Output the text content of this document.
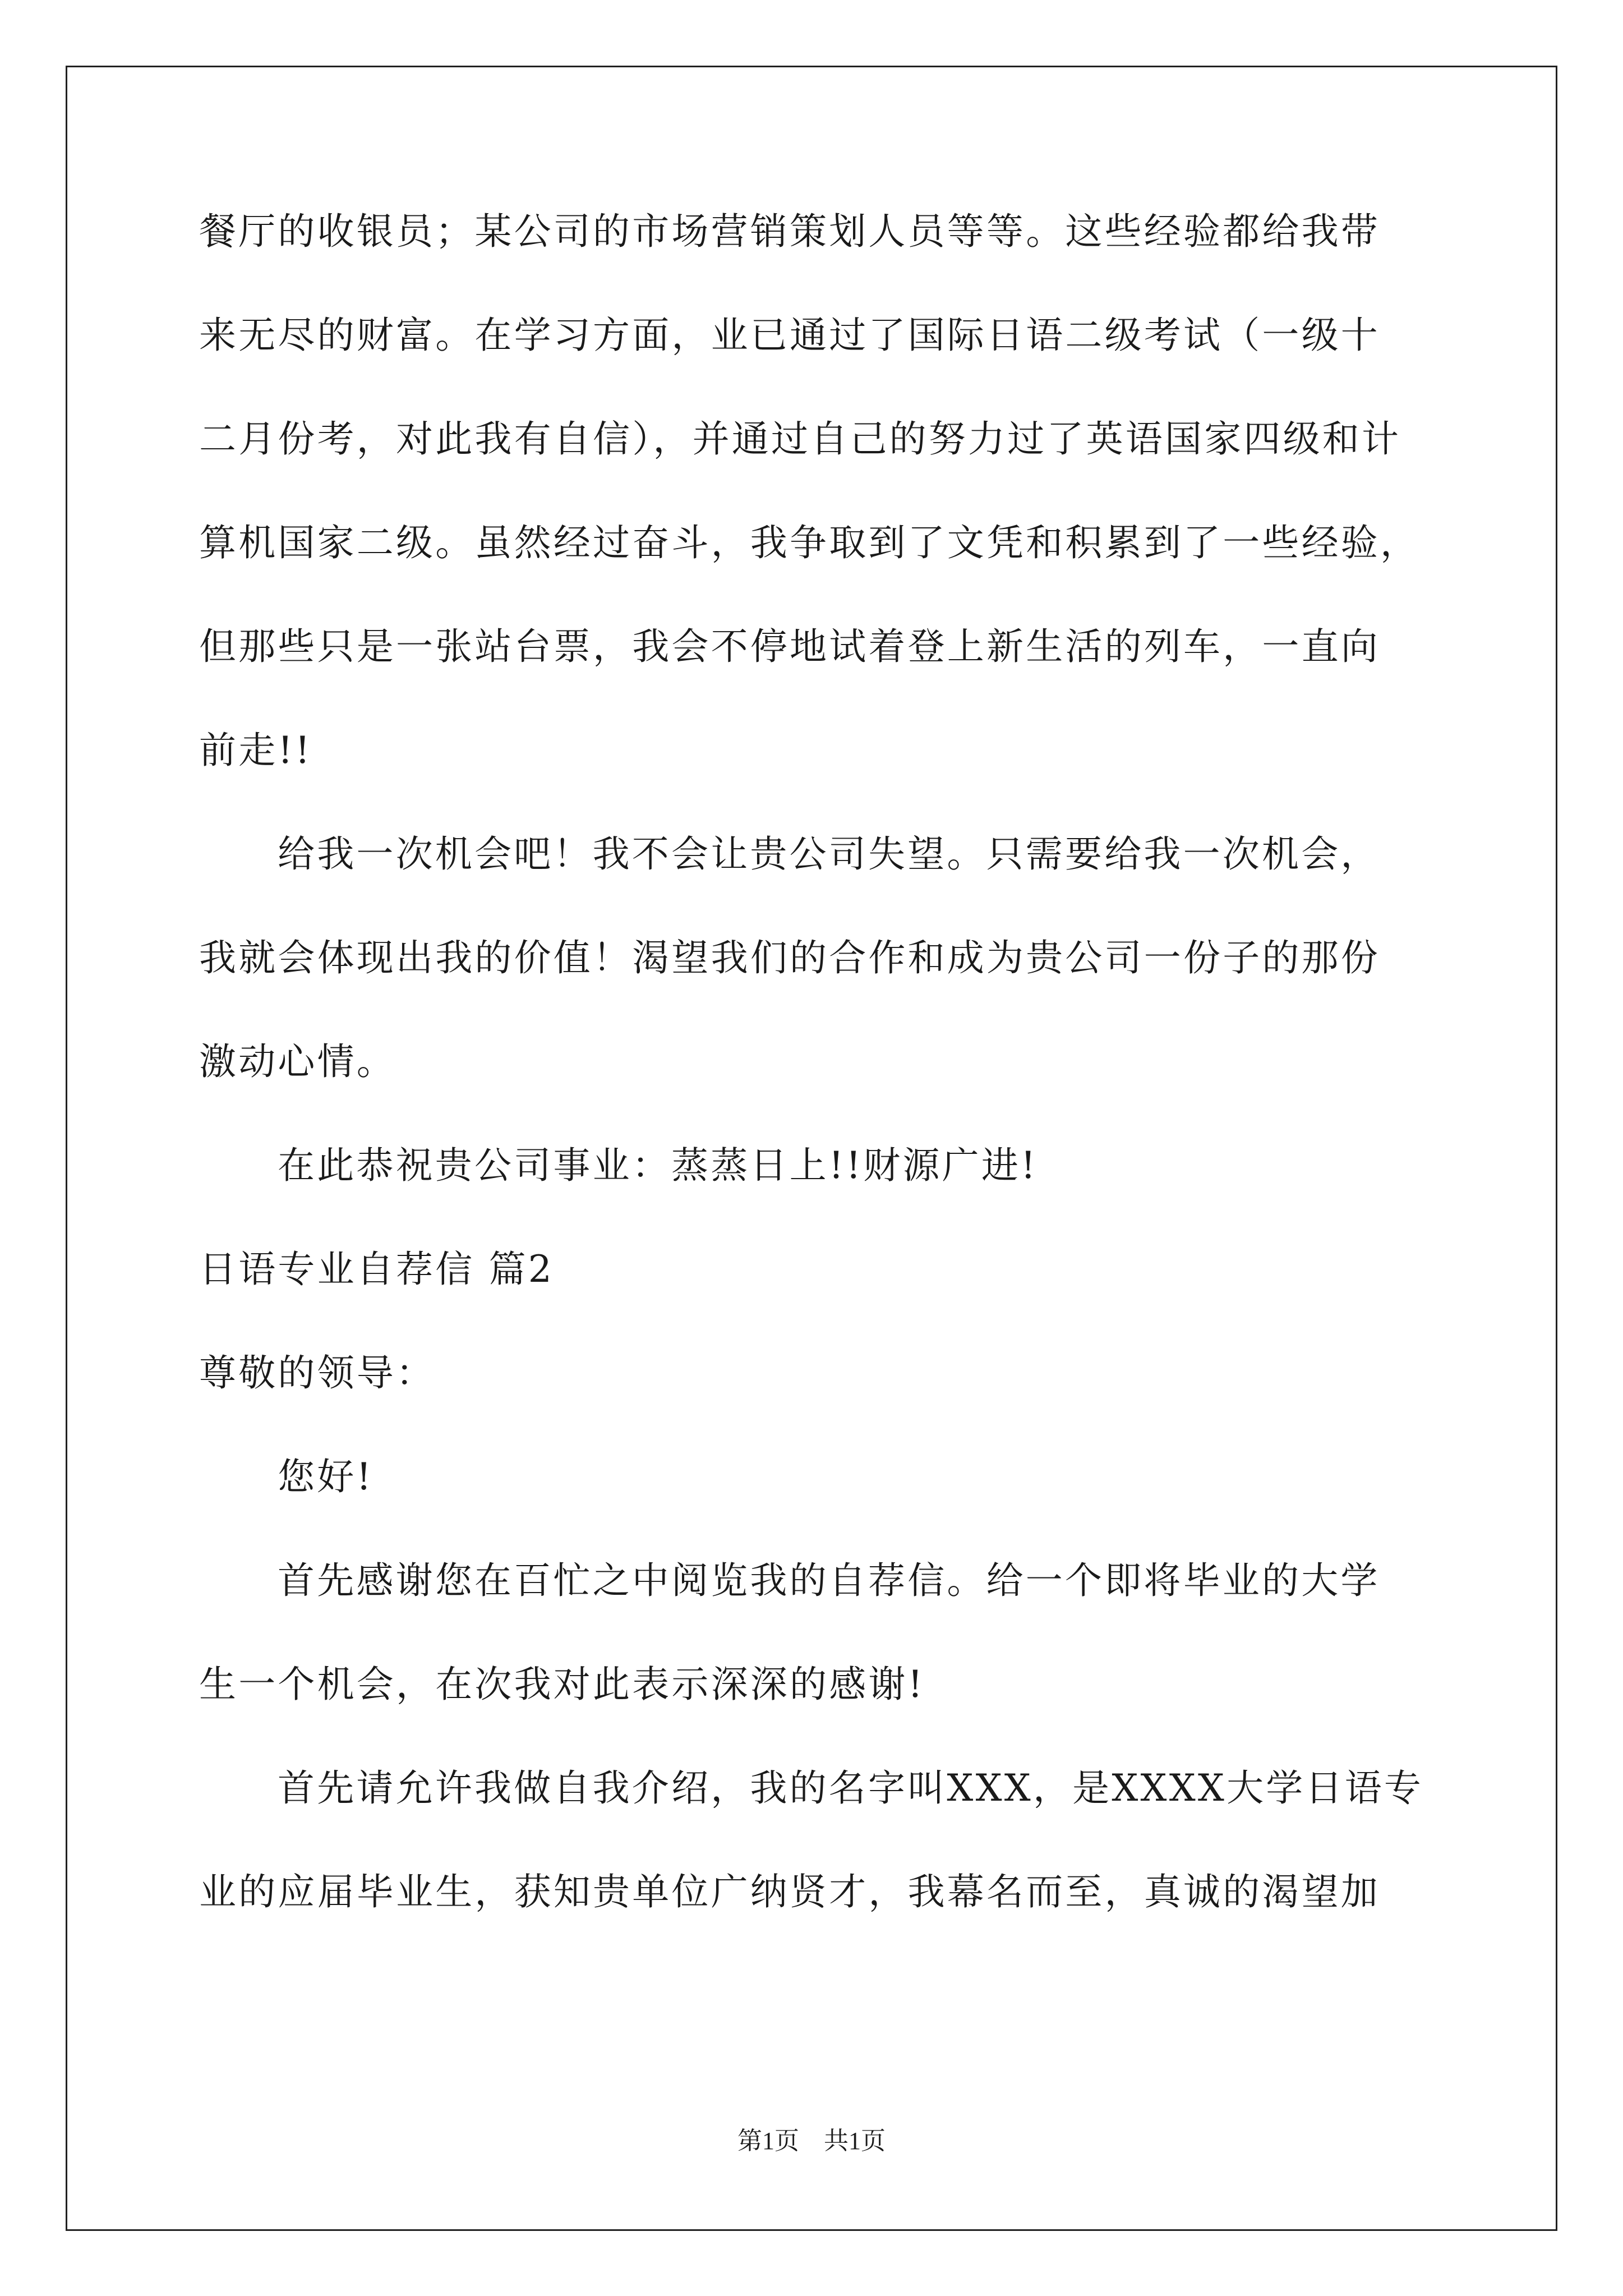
餐厅的收银员；某公司的市场营销策划人员等等。这些经验都给我带
来无尽的财富。在学习方面，业已通过了国际日语二级考试（一级十
二月份考，对此我有自信），并通过自己的努力过了英语国家四级和计
算机国家二级。虽然经过奋斗，我争取到了文凭和积累到了一些经验，
但那些只是一张站台票，我会不停地试着登上新生活的列车，一直向
前走!!
给我一次机会吧！我不会让贵公司失望。只需要给我一次机会，
我就会体现出我的价值！渴望我们的合作和成为贵公司一份子的那份
激动心情。
在此恭祝贵公司事业：蒸蒸日上!!财源广进!
日语专业自荐信 篇2
尊敬的领导：
您好!
首先感谢您在百忙之中阅览我的自荐信。给一个即将毕业的大学
生一个机会，在次我对此表示深深的感谢!
首先请允许我做自我介绍，我的名字叫XXX，是XXXX大学日语专
业的应届毕业生，获知贵单位广纳贤才，我幕名而至，真诚的渴望加
第1页　共1页
